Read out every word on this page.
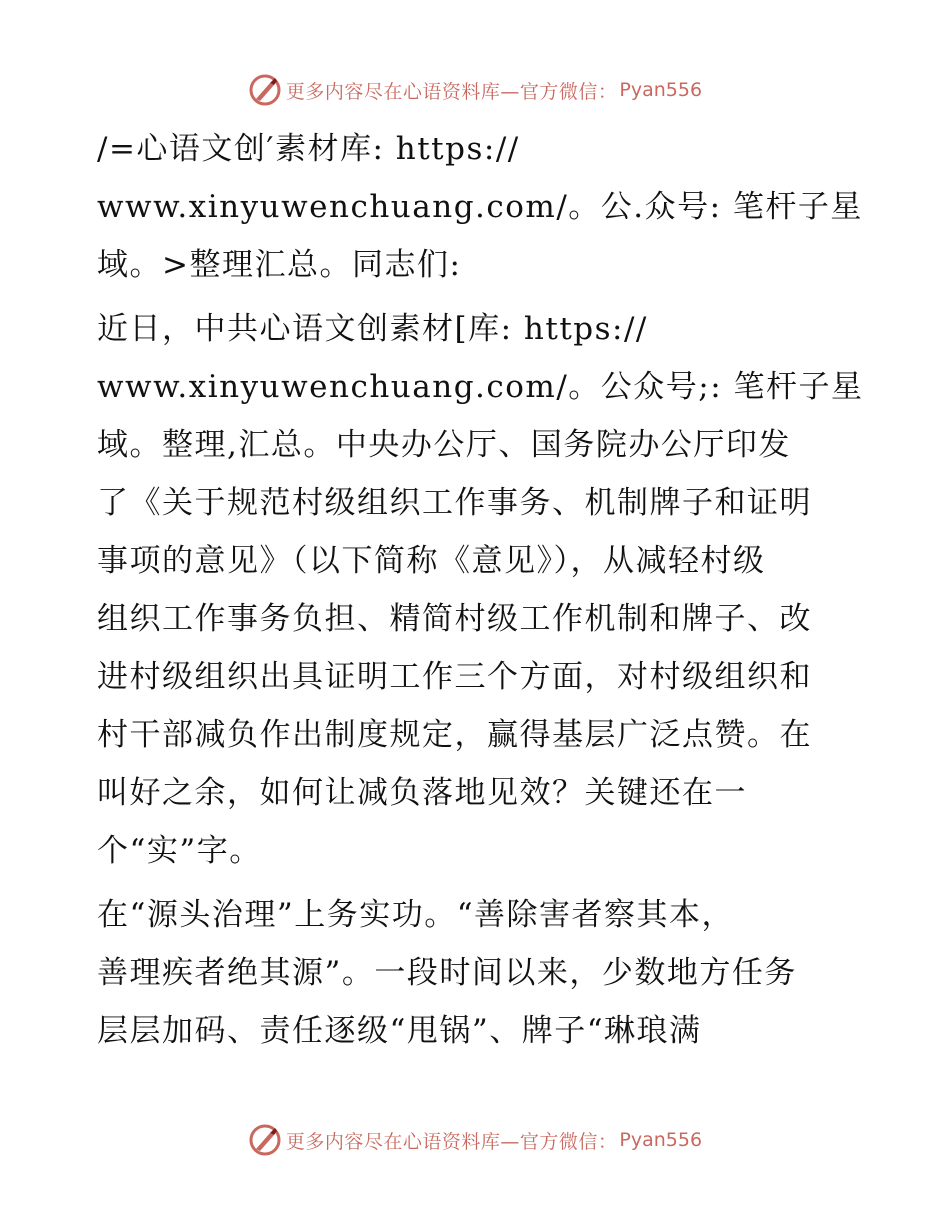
更多内容尽在心语资料库—官方微信： Pyan556
/=心语文创′素材库: https://
www.xinyuwenchuang.com/。公.众号: 笔杆子星
域。>整理汇总。同志们:
近日，中共心语文创素材[库: https://
www.xinyuwenchuang.com/。公众号;: 笔杆子星
域。整理,汇总。中央办公厅、国务院办公厅印发
了《关于规范村级组织工作事务、机制牌子和证明
事项的意见》（以下简称《意见》），从减轻村级
组织工作事务负担、精简村级工作机制和牌子、改
进村级组织出具证明工作三个方面，对村级组织和
村干部减负作出制度规定，赢得基层广泛点赞。在
叫好之余，如何让减负落地见效？关键还在一
个“实”字。
在“源头治理”上务实功。“善除害者察其本，
善理疾者绝其源”。一段时间以来，少数地方任务
层层加码、责任逐级“甩锅”、牌子“琳琅满
更多内容尽在心语资料库—官方微信： Pyan556
